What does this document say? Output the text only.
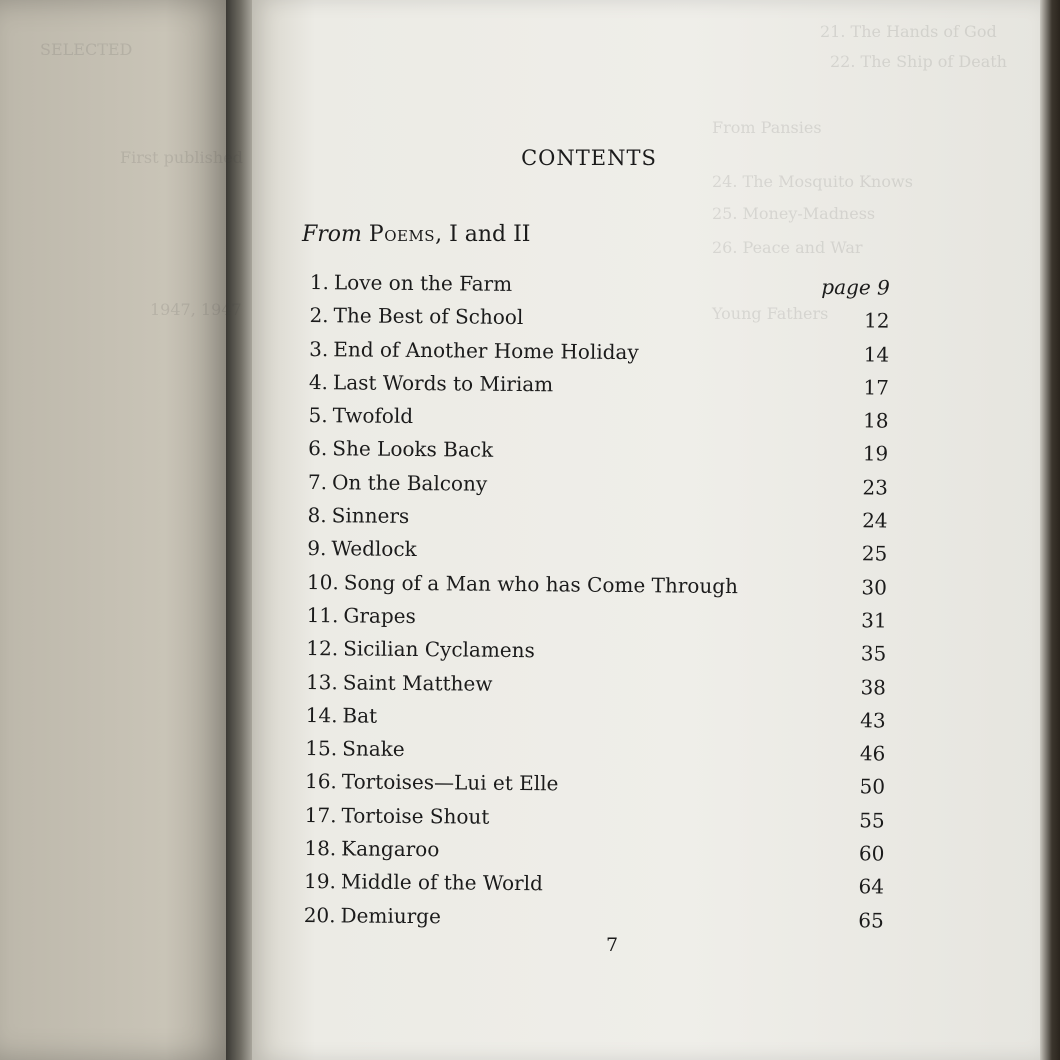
21. The Hands of God
22. The Ship of Death
From Pansies
24. The Mosquito Knows
25. Money-Madness
26. Peace and War
Young Fathers
SELECTED
First published
1947, 1947
CONTENTS
From Poems, I and II
1. Love on the Farm	page 9
2. The Best of School	12
3. End of Another Home Holiday	14
4. Last Words to Miriam	17
5. Twofold	18
6. She Looks Back	19
7. On the Balcony	23
8. Sinners	24
9. Wedlock	25
10. Song of a Man who has Come Through	30
11. Grapes	31
12. Sicilian Cyclamens	35
13. Saint Matthew	38
14. Bat	43
15. Snake	46
16. Tortoises—Lui et Elle	50
17. Tortoise Shout	55
18. Kangaroo	60
19. Middle of the World	64
20. Demiurge	65
7
